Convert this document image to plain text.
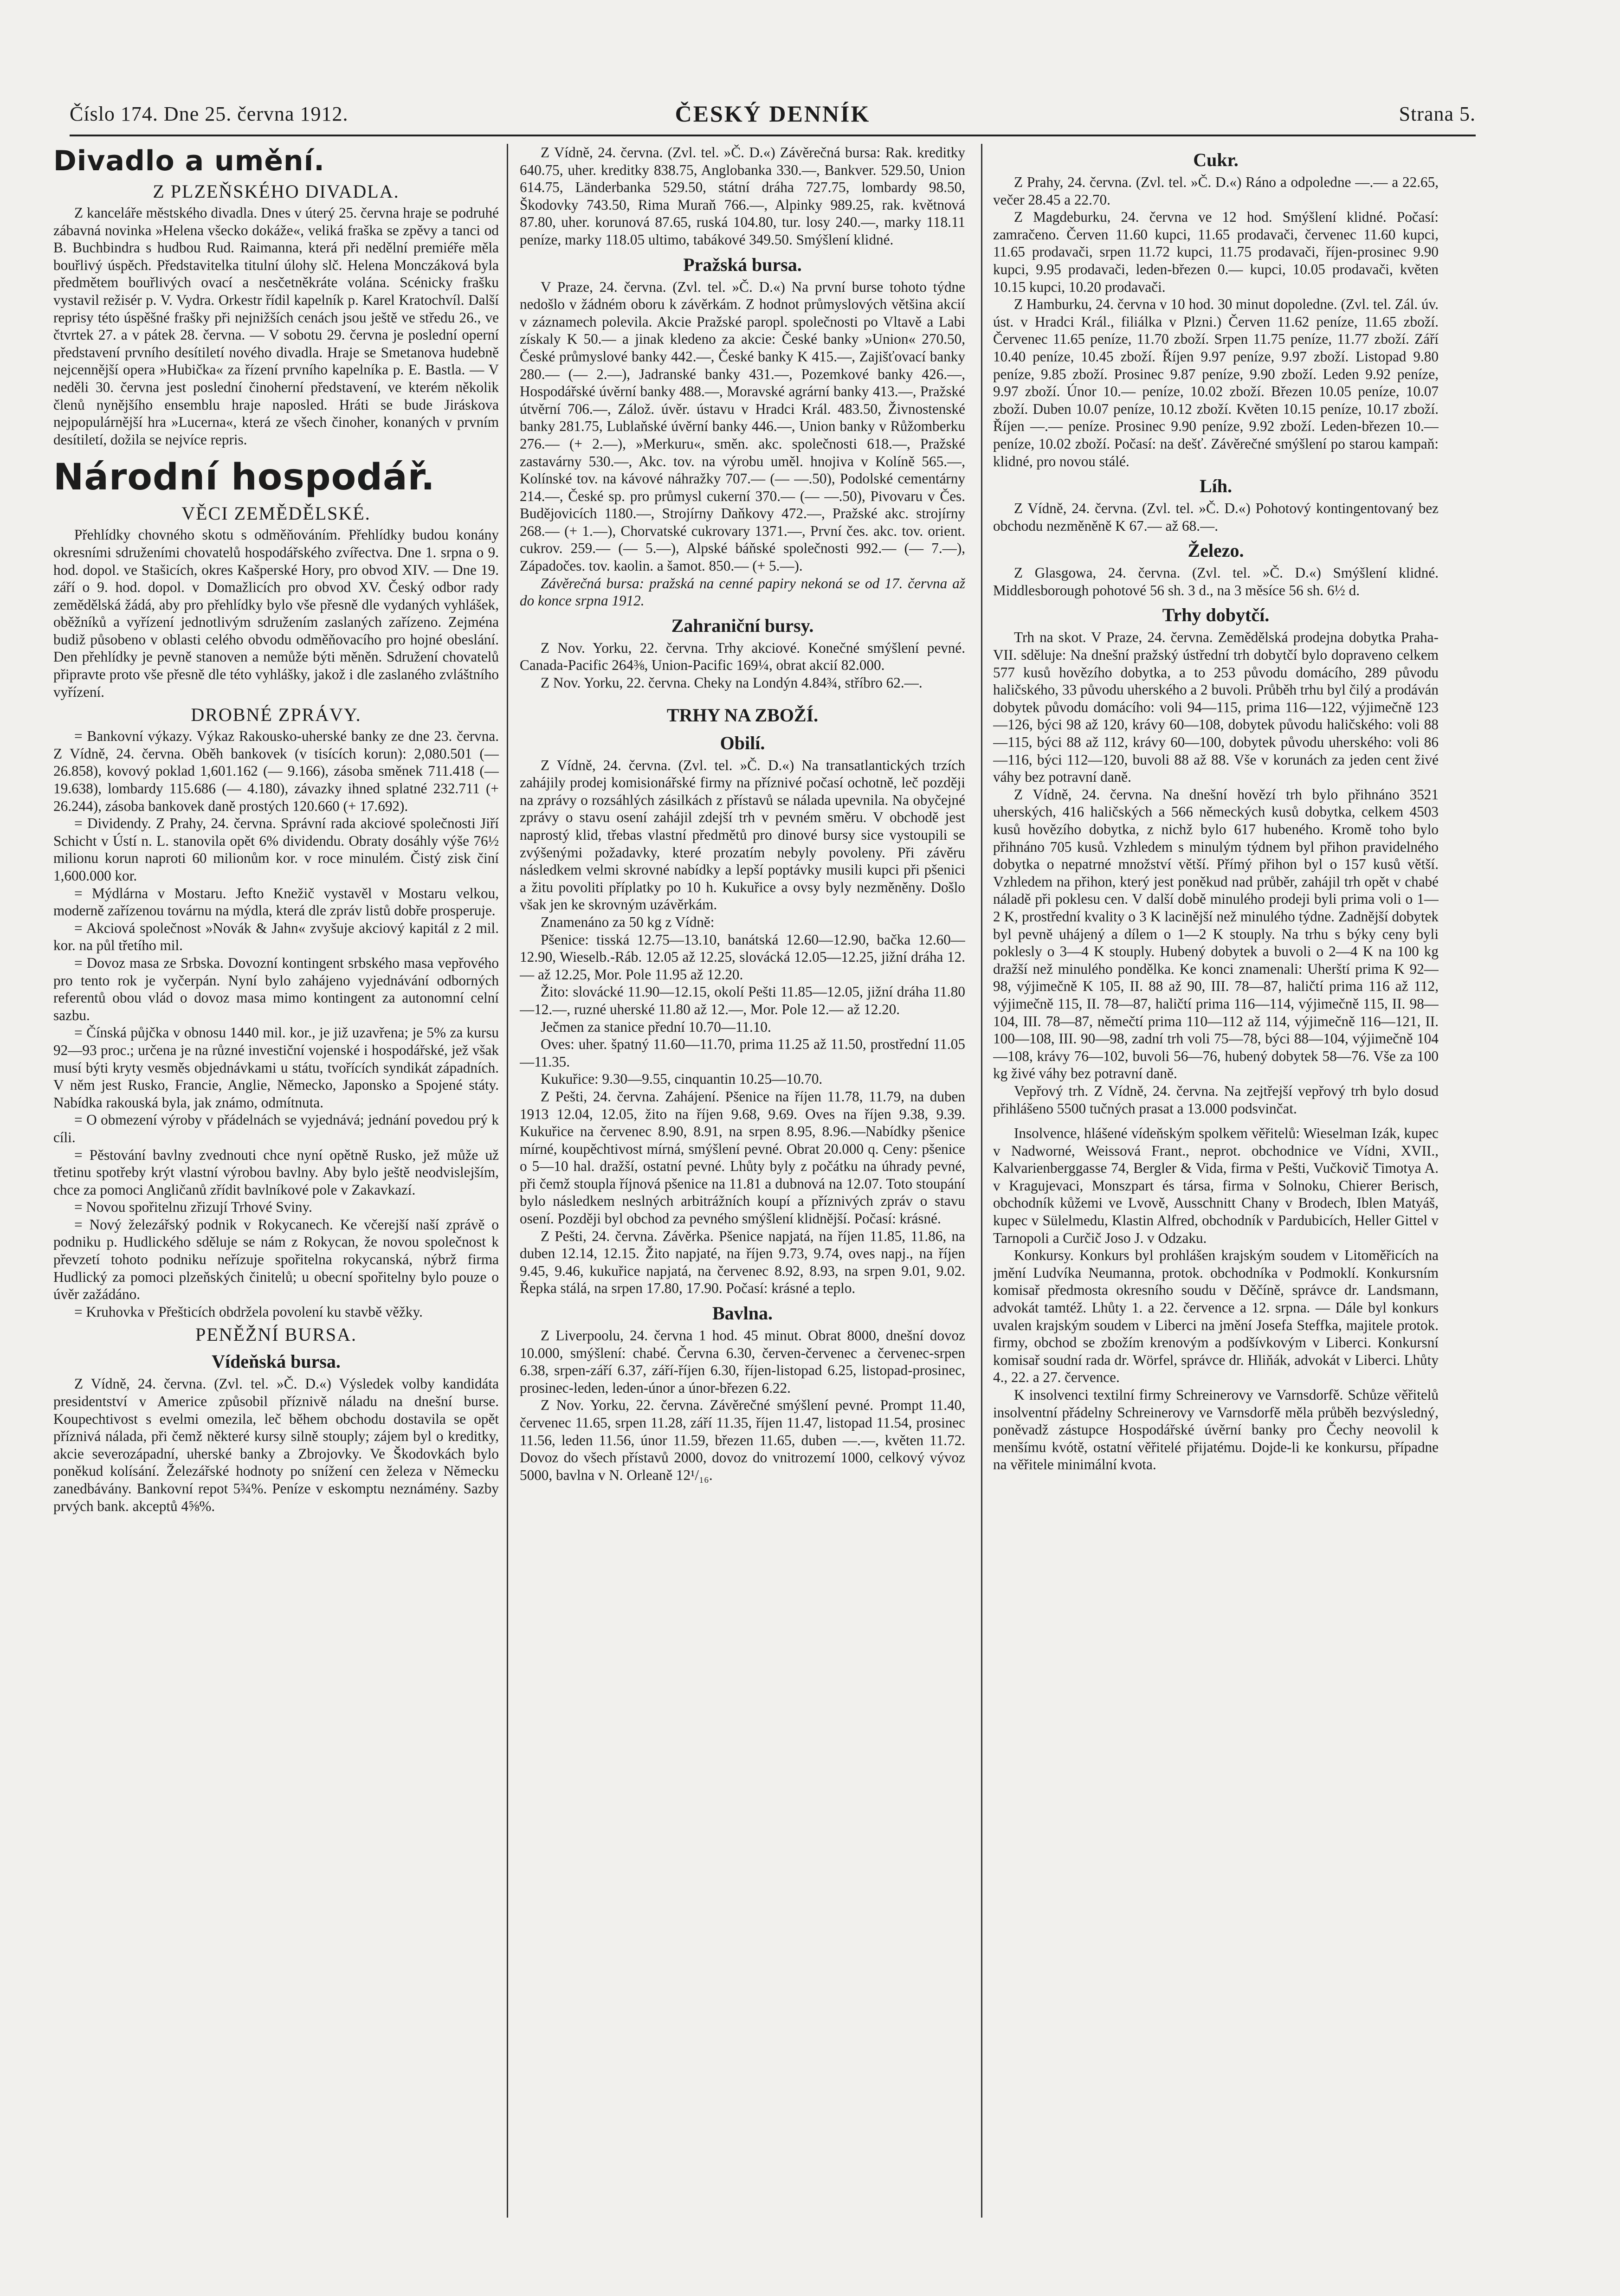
Číslo 174. Dne 25. června 1912.	ČESKÝ DENNÍK	Strana 5.
Divadlo a umění.
Z PLZEŇSKÉHO DIVADLA.

Z kanceláře městského divadla. Dnes v úterý 25. června hraje se podruhé zábavná novinka »Helena všecko dokáže«, veliká fraška se zpěvy a tanci od B. Buchbindra s hudbou Rud. Raimanna, která při nedělní premiéře měla bouřlivý úspěch. Představitelka titulní úlohy slč. Helena Monczáková byla předmětem bouřlivých ovací a nesčetněkráte volána. Scénicky frašku vystavil režisér p. V. Vydra. Orkestr řídil kapelník p. Karel Kratochvíl. Další reprisy této úspěšné frašky při nejnižších cenách jsou ještě ve středu 26., ve čtvrtek 27. a v pátek 28. června. — V sobotu 29. června je poslední operní představení prvního desítiletí nového divadla. Hraje se Smetanova hudebně nejcennější opera »Hubička« za řízení prvního kapelníka p. E. Bastla. — V neděli 30. června jest poslední činoherní představení, ve kterém několik členů nynějšího ensemblu hraje naposled. Hráti se bude Jiráskova nejpopulárnější hra »Lucerna«, která ze všech činoher, konaných v prvním desítiletí, dožila se nejvíce repris.

Národní hospodář.
VĚCI ZEMĚDĚLSKÉ.

Přehlídky chovného skotu s odměňováním. Přehlídky budou konány okresními sdruženími chovatelů hospodářského zvířectva. Dne 1. srpna o 9. hod. dopol. ve Stašicích, okres Kašperské Hory, pro obvod XIV. — Dne 19. září o 9. hod. dopol. v Domažlicích pro obvod XV. Český odbor rady zemědělská žádá, aby pro přehlídky bylo vše přesně dle vydaných vyhlášek, oběžníků a vyřízení jednotlivým sdružením zaslaných zařízeno. Zejména budiž působeno v oblasti celého obvodu odměňovacího pro hojné obeslání. Den přehlídky je pevně stanoven a nemůže býti měněn. Sdružení chovatelů připravte proto vše přesně dle této vyhlášky, jakož i dle zaslaného zvláštního vyřízení.

DROBNÉ ZPRÁVY.

= Bankovní výkazy. Výkaz Rakousko-uherské banky ze dne 23. června. Z Vídně, 24. června. Oběh bankovek (v tisících korun): 2,080.501 (— 26.858), kovový poklad 1,601.162 (— 9.166), zásoba směnek 711.418 (— 19.638), lombardy 115.686 (— 4.180), závazky ihned splatné 232.711 (+ 26.244), zásoba bankovek daně prostých 120.660 (+ 17.692).

= Dividendy. Z Prahy, 24. června. Správní rada akciové společnosti Jiří Schicht v Ústí n. L. stanovila opět 6% dividendu. Obraty dosáhly výše 76½ milionu korun naproti 60 milionům kor. v roce minulém. Čistý zisk činí 1,600.000 kor.

= Mýdlárna v Mostaru. Jefto Knežič vystavěl v Mostaru velkou, moderně zařízenou továrnu na mýdla, která dle zpráv listů dobře prosperuje.

= Akciová společnost »Novák & Jahn« zvyšuje akciový kapitál z 2 mil. kor. na půl třetího mil.

= Dovoz masa ze Srbska. Dovozní kontingent srbského masa vepřového pro tento rok je vyčerpán. Nyní bylo zahájeno vyjednávání odborných referentů obou vlád o dovoz masa mimo kontingent za autonomní celní sazbu.

= Čínská půjčka v obnosu 1440 mil. kor., je již uzavřena; je 5% za kursu 92—93 proc.; určena je na různé investiční vojenské i hospodářské, jež však musí býti kryty vesměs objednávkami u státu, tvořících syndikát západních. V něm jest Rusko, Francie, Anglie, Německo, Japonsko a Spojené státy. Nabídka rakouská byla, jak známo, odmítnuta.

= O obmezení výroby v přádelnách se vyjednává; jednání povedou prý k cíli.

= Pěstování bavlny zvednouti chce nyní opětně Rusko, jež může už třetinu spotřeby krýt vlastní výrobou bavlny. Aby bylo ještě neodvislejším, chce za pomoci Angličanů zřídit bavlníkové pole v Zakavkazí.

= Novou spořitelnu zřizují Trhové Sviny.

= Nový železářský podnik v Rokycanech. Ke včerejší naší zprávě o podniku p. Hudlického sděluje se nám z Rokycan, že novou společnost k převzetí tohoto podniku neřízuje spořitelna rokycanská, nýbrž firma Hudlický za pomoci plzeňských činitelů; u obecní spořitelny bylo pouze o úvěr zažádáno.

= Kruhovka v Přešticích obdržela povolení ku stavbě věžky.

PENĚŽNÍ BURSA.
Vídeňská bursa.

Z Vídně, 24. června. (Zvl. tel. »Č. D.«) Výsledek volby kandidáta presidentství v Americe způsobil příznivě náladu na dnešní burse. Koupechtivost s evelmi omezila, leč během obchodu dostavila se opět příznivá nálada, při čemž některé kursy silně stouply; zájem byl o kreditky, akcie severozápadní, uherské banky a Zbrojovky. Ve Škodovkách bylo poněkud kolísání. Železářské hodnoty po snížení cen železa v Německu zanedbávány. Bankovní repot 5¾%. Peníze v eskomptu neznámény. Sazby prvých bank. akceptů 4⅝%.

Z Vídně, 24. června. (Zvl. tel. »Č. D.«) Závěrečná bursa: Rak. kreditky 640.75, uher. kreditky 838.75, Anglobanka 330.—, Bankver. 529.50, Union 614.75, Länderbanka 529.50, státní dráha 727.75, lombardy 98.50, Škodovky 743.50, Rima Muraň 766.—, Alpinky 989.25, rak. květnová 87.80, uher. korunová 87.65, ruská 104.80, tur. losy 240.—, marky 118.11 peníze, marky 118.05 ultimo, tabákové 349.50. Smýšlení klidné.

Pražská bursa.

V Praze, 24. června. (Zvl. tel. »Č. D.«) Na první burse tohoto týdne nedošlo v žádném oboru k závěrkám. Z hodnot průmyslových většina akcií v záznamech polevila. Akcie Pražské paropl. společnosti po Vltavě a Labi získaly K 50.— a jinak kledeno za akcie: České banky »Union« 270.50, České průmyslové banky 442.—, České banky K 415.—, Zajišťovací banky 280.— (— 2.—), Jadranské banky 431.—, Pozemkové banky 426.—, Hospodářské úvěrní banky 488.—, Moravské agrární banky 413.—, Pražské útvěrní 706.—, Zálož. úvěr. ústavu v Hradci Král. 483.50, Živnostenské banky 281.75, Lublaňské úvěrní banky 446.—, Union banky v Růžomberku 276.— (+ 2.—), »Merkuru«, směn. akc. společnosti 618.—, Pražské zastavárny 530.—, Akc. tov. na výrobu uměl. hnojiva v Kolíně 565.—, Kolínské tov. na kávové náhražky 707.— (— —.50), Podolské cementárny 214.—, České sp. pro průmysl cukerní 370.— (— —.50), Pivovaru v Čes. Budějovicích 1180.—, Strojírny Daňkovy 472.—, Pražské akc. strojírny 268.— (+ 1.—), Chorvatské cukrovary 1371.—, První čes. akc. tov. orient. cukrov. 259.— (— 5.—), Alpské báňské společnosti 992.— (— 7.—), Západočes. tov. kaolin. a šamot. 850.— (+ 5.—).

Závěrečná bursa: pražská na cenné papiry nekoná se od 17. června až do konce srpna 1912.

Zahraniční bursy.

Z Nov. Yorku, 22. června. Trhy akciové. Konečné smýšlení pevné. Canada-Pacific 264⅜, Union-Pacific 169¼, obrat akcií 82.000.

Z Nov. Yorku, 22. června. Cheky na Londýn 4.84¾, stříbro 62.—.

TRHY NA ZBOŽÍ.
Obilí.

Z Vídně, 24. června. (Zvl. tel. »Č. D.«) Na transatlantických trzích zahájily prodej komisionářské firmy na příznivé počasí ochotně, leč později na zprávy o rozsáhlých zásilkách z přístavů se nálada upevnila. Na obyčejné zprávy o stavu osení zahájil zdejší trh v pevném směru. V obchodě jest naprostý klid, třebas vlastní předmětů pro dinové bursy sice vystoupili se zvýšenými požadavky, které prozatím nebyly povoleny. Při závěru následkem velmi skrovné nabídky a lepší poptávky musili kupci při pšenici a žitu povoliti příplatky po 10 h. Kukuřice a ovsy byly nezměněny. Došlo však jen ke skrovným uzávěrkám.

Znamenáno za 50 kg z Vídně:

Pšenice: tisská 12.75—13.10, banátská 12.60—12.90, bačka 12.60—12.90, Wieselb.-Ráb. 12.05 až 12.25, slovácká 12.05—12.25, jižní dráha 12.— až 12.25, Mor. Pole 11.95 až 12.20.

Žito: slovácké 11.90—12.15, okolí Pešti 11.85—12.05, jižní dráha 11.80—12.—, ruzné uherské 11.80 až 12.—, Mor. Pole 12.— až 12.20.

Ječmen za stanice přední 10.70—11.10.

Oves: uher. špatný 11.60—11.70, prima 11.25 až 11.50, prostřední 11.05—11.35.

Kukuřice: 9.30—9.55, cinquantin 10.25—10.70.

Z Pešti, 24. června. Zahájení. Pšenice na říjen 11.78, 11.79, na duben 1913 12.04, 12.05, žito na říjen 9.68, 9.69. Oves na říjen 9.38, 9.39. Kukuřice na červenec 8.90, 8.91, na srpen 8.95, 8.96.—Nabídky pšenice mírné, koupěchtivost mírná, smýšlení pevné. Obrat 20.000 q. Ceny: pšenice o 5—10 hal. dražší, ostatní pevné. Lhůty byly z počátku na úhrady pevné, při čemž stoupla říjnová pšenice na 11.81 a dubnová na 12.07. Toto stoupání bylo následkem neslných arbitrážních koupí a příznivých zpráv o stavu osení. Později byl obchod za pevného smýšlení klidnější. Počasí: krásné.

Z Pešti, 24. června. Závěrka. Pšenice napjatá, na říjen 11.85, 11.86, na duben 12.14, 12.15. Žito napjaté, na říjen 9.73, 9.74, oves napj., na říjen 9.45, 9.46, kukuřice napjatá, na červenec 8.92, 8.93, na srpen 9.01, 9.02. Řepka stálá, na srpen 17.80, 17.90. Počasí: krásné a teplo.

Bavlna.

Z Liverpoolu, 24. června 1 hod. 45 minut. Obrat 8000, dnešní dovoz 10.000, smýšlení: chabé. Června 6.30, červen-červenec a červenec-srpen 6.38, srpen-září 6.37, září-říjen 6.30, říjen-listopad 6.25, listopad-prosinec, prosinec-leden, leden-únor a únor-březen 6.22.

Z Nov. Yorku, 22. června. Závěrečné smýšlení pevné. Prompt 11.40, červenec 11.65, srpen 11.28, září 11.35, říjen 11.47, listopad 11.54, prosinec 11.56, leden 11.56, únor 11.59, březen 11.65, duben —.—, květen 11.72. Dovoz do všech přístavů 2000, dovoz do vnitrozemí 1000, celkový vývoz 5000, bavlna v N. Orleaně 12¹/₁₆.

Cukr.

Z Prahy, 24. června. (Zvl. tel. »Č. D.«) Ráno a odpoledne —.— a 22.65, večer 28.45 a 22.70.

Z Magdeburku, 24. června ve 12 hod. Smýšlení klidné. Počasí: zamračeno. Červen 11.60 kupci, 11.65 prodavači, červenec 11.60 kupci, 11.65 prodavači, srpen 11.72 kupci, 11.75 prodavači, říjen-prosinec 9.90 kupci, 9.95 prodavači, leden-březen 0.— kupci, 10.05 prodavači, květen 10.15 kupci, 10.20 prodavači.

Z Hamburku, 24. června v 10 hod. 30 minut dopoledne. (Zvl. tel. Zál. úv. úst. v Hradci Král., filiálka v Plzni.) Červen 11.62 peníze, 11.65 zboží. Červenec 11.65 peníze, 11.70 zboží. Srpen 11.75 peníze, 11.77 zboží. Září 10.40 peníze, 10.45 zboží. Říjen 9.97 peníze, 9.97 zboží. Listopad 9.80 peníze, 9.85 zboží. Prosinec 9.87 peníze, 9.90 zboží. Leden 9.92 peníze, 9.97 zboží. Únor 10.— peníze, 10.02 zboží. Březen 10.05 peníze, 10.07 zboží. Duben 10.07 peníze, 10.12 zboží. Květen 10.15 peníze, 10.17 zboží. Říjen —.— peníze. Prosinec 9.90 peníze, 9.92 zboží. Leden-březen 10.— peníze, 10.02 zboží. Počasí: na dešť. Závěrečné smýšlení po starou kampaň: klidné, pro novou stálé.

Líh.

Z Vídně, 24. června. (Zvl. tel. »Č. D.«) Pohotový kontingentovaný bez obchodu nezměněně K 67.— až 68.—.

Železo.

Z Glasgowa, 24. června. (Zvl. tel. »Č. D.«) Smýšlení klidné. Middlesborough pohotové 56 sh. 3 d., na 3 měsíce 56 sh. 6½ d.

Trhy dobytčí.

Trh na skot. V Praze, 24. června. Zemědělská prodejna dobytka Praha-VII. sděluje: Na dnešní pražský ústřední trh dobytčí bylo dopraveno celkem 577 kusů hovězího dobytka, a to 253 původu domácího, 289 původu haličského, 33 původu uherského a 2 buvoli. Průběh trhu byl čilý a prodáván dobytek původu domácího: voli 94—115, prima 116—122, výjimečně 123—126, býci 98 až 120, krávy 60—108, dobytek původu haličského: voli 88—115, býci 88 až 112, krávy 60—100, dobytek původu uherského: voli 86—116, býci 112—120, buvoli 88 až 88. Vše v korunách za jeden cent živé váhy bez potravní daně.

Z Vídně, 24. června. Na dnešní hovězí trh bylo přihnáno 3521 uherských, 416 haličských a 566 německých kusů dobytka, celkem 4503 kusů hovězího dobytka, z nichž bylo 617 hubeného. Kromě toho bylo přihnáno 705 kusů. Vzhledem s minulým týdnem byl přihon pravidelného dobytka o nepatrné množství větší. Přímý přihon byl o 157 kusů větší. Vzhledem na přihon, který jest poněkud nad průběr, zahájil trh opět v chabé náladě při poklesu cen. V další době minulého prodeji byli prima voli o 1—2 K, prostřední kvality o 3 K lacinější než minulého týdne. Zadnější dobytek byl pevně uhájený a dílem o 1—2 K stouply. Na trhu s býky ceny byli poklesly o 3—4 K stouply. Hubený dobytek a buvoli o 2—4 K na 100 kg dražší než minulého pondělka. Ke konci znamenali: Uherští prima K 92—98, výjimečně K 105, II. 88 až 90, III. 78—87, haličtí prima 116 až 112, výjimečně 115, II. 78—87, haličtí prima 116—114, výjimečně 115, II. 98—104, III. 78—87, němečtí prima 110—112 až 114, výjimečně 116—121, II. 100—108, III. 90—98, zadní trh voli 75—78, býci 88—104, výjimečně 104—108, krávy 76—102, buvoli 56—76, hubený dobytek 58—76. Vše za 100 kg živé váhy bez potravní daně.

Vepřový trh. Z Vídně, 24. června. Na zejtřejší vepřový trh bylo dosud přihlášeno 5500 tučných prasat a 13.000 podsvinčat.

Insolvence, hlášené vídeňským spolkem věřitelů: Wieselman Izák, kupec v Nadworné, Weissová Frant., neprot. obchodnice ve Vídni, XVII., Kalvarienberggasse 74, Bergler & Vida, firma v Pešti, Vučkovič Timotya A. v Kragujevaci, Monszpart és társa, firma v Solnoku, Chierer Berisch, obchodník kůžemi ve Lvově, Ausschnitt Chany v Brodech, Iblen Matyáš, kupec v Sülelmedu, Klastin Alfred, obchodník v Pardubicích, Heller Gittel v Tarnopoli a Curčič Joso J. v Odzaku.

Konkursy. Konkurs byl prohlášen krajským soudem v Litoměřicích na jmění Ludvíka Neumanna, protok. obchodníka v Podmoklí. Konkursním komisař předmosta okresního soudu v Děčíně, správce dr. Landsmann, advokát tamtéž. Lhůty 1. a 22. července a 12. srpna. — Dále byl konkurs uvalen krajským soudem v Liberci na jmění Josefa Steffka, majitele protok. firmy, obchod se zbožím krenovým a podšívkovým v Liberci. Konkursní komisař soudní rada dr. Wörfel, správce dr. Hliňák, advokát v Liberci. Lhůty 4., 22. a 27. července.

K insolvenci textilní firmy Schreinerovy ve Varnsdorfě. Schůze věřitelů insolventní přádelny Schreinerovy ve Varnsdorfě měla průběh bezvýsledný, poněvadž zástupce Hospodářské úvěrní banky pro Čechy neovolil k menšímu kvótě, ostatní věřitelé přijatému. Dojde-li ke konkursu, případne na věřitele minimální kvota.
